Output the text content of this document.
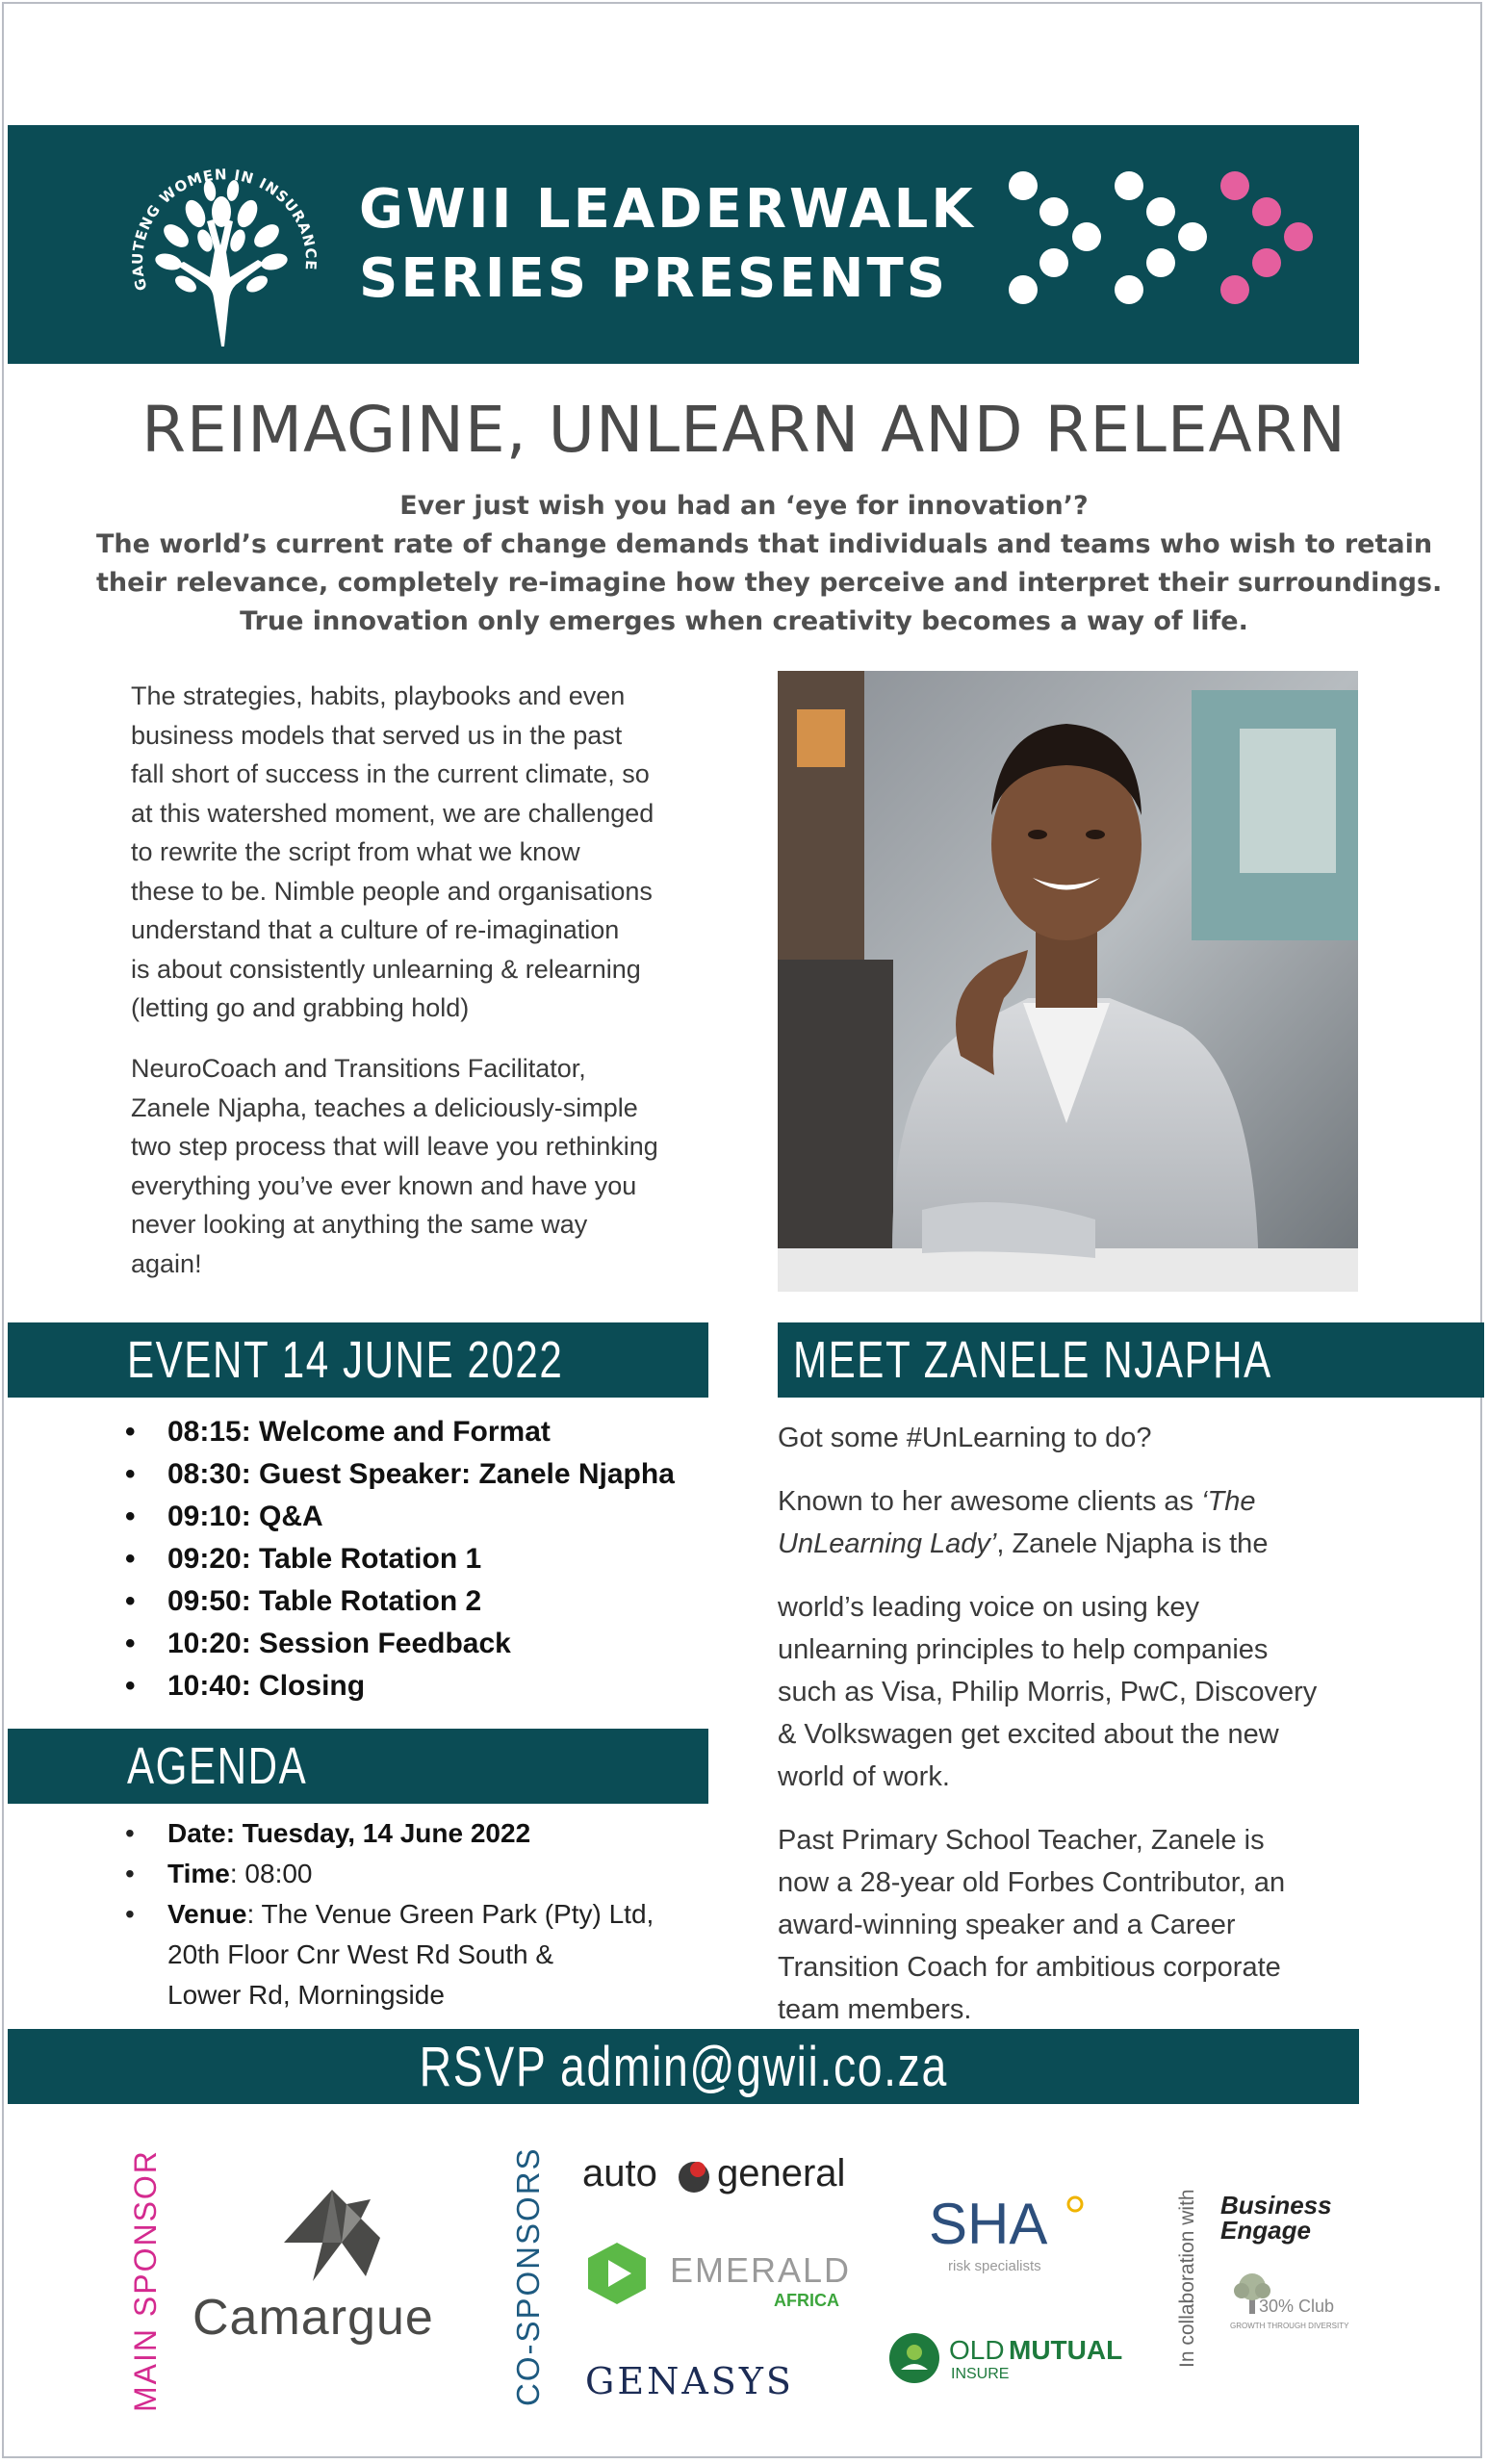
GAUTENG WOMEN IN INSURANCE
GWII LEADERWALK
SERIES PRESENTS
REIMAGINE, UNLEARN AND RELEARN
Ever just wish you had an ‘eye for innovation’?
The world’s current rate of change demands that individuals and teams who wish to retain
their relevance, completely re-imagine how they perceive and interpret their surroundings.
True innovation only emerges when creativity becomes a way of life.
The strategies, habits, playbooks and even
business models that served us in the past
fall short of success in the current climate, so
at this watershed moment, we are challenged
to rewrite the script from what we know
these to be. Nimble people and organisations
understand that a culture of re-imagination
is about consistently unlearning & relearning
(letting go and grabbing hold)
NeuroCoach and Transitions Facilitator,
Zanele Njapha, teaches a deliciously-simple
two step process that will leave you rethinking
everything you’ve ever known and have you
never looking at anything the same way
again!
EVENT 14 JUNE 2022
• 08:15: Welcome and Format
• 08:30: Guest Speaker: Zanele Njapha
• 09:10: Q&A
• 09:20: Table Rotation 1
• 09:50: Table Rotation 2
• 10:20: Session Feedback
• 10:40: Closing
AGENDA
• Date: Tuesday, 14 June 2022
• Time: 08:00
• Venue: The Venue Green Park (Pty) Ltd,
20th Floor Cnr West Rd South &
Lower Rd, Morningside
MEET ZANELE NJAPHA

Got some #UnLearning to do?

Known to her awesome clients as ‘The
UnLearning Lady’, Zanele Njapha is the

world’s leading voice on using key
unlearning principles to help companies
such as Visa, Philip Morris, PwC, Discovery
& Volkswagen get excited about the new
world of work.

Past Primary School Teacher, Zanele is
now a 28-year old Forbes Contributor, an
award-winning speaker and a Career
Transition Coach for ambitious corporate
team members.

RSVP admin@gwii.co.za
MAIN SPONSOR Camargue CO-SPONSORS auto general
EMERALD
AFRICA
GENASYS
SHA
risk specialists
OLD MUTUAL
INSURE
In collaboration with Business
Engage
30% Club
GROWTH THROUGH DIVERSITY
